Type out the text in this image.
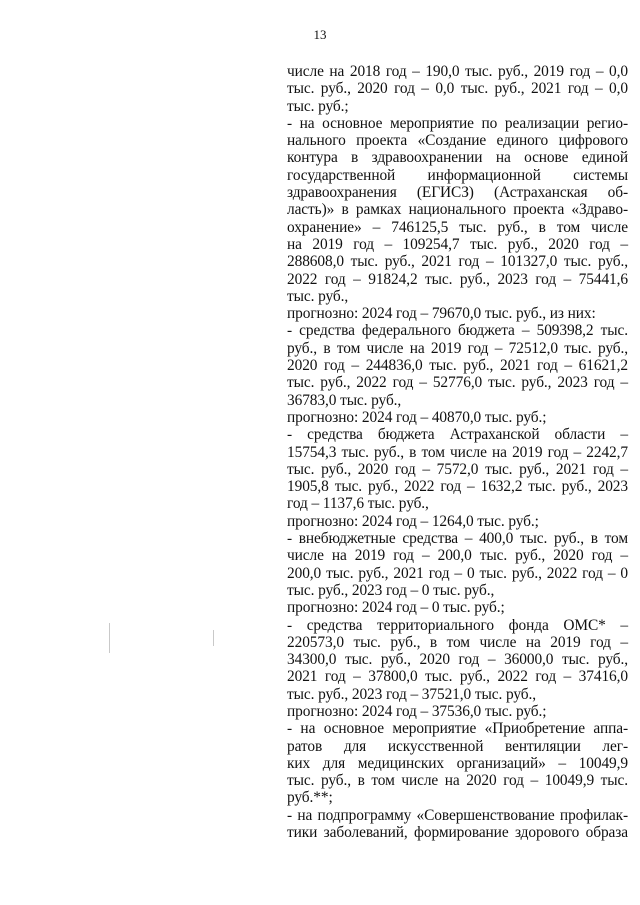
13
числе на 2018 год – 190,0 тыс. руб., 2019 год – 0,0
тыс. руб., 2020 год – 0,0 тыс. руб., 2021 год – 0,0
тыс. руб.;
- на основное мероприятие по реализации регио-
нального проекта «Создание единого цифрового
контура в здравоохранении на основе единой
государственной информационной системы
здравоохранения (ЕГИСЗ) (Астраханская об-
ласть)» в рамках национального проекта «Здраво-
охранение» – 746125,5 тыс. руб., в том числе
на 2019 год – 109254,7 тыс. руб., 2020 год –
288608,0 тыс. руб., 2021 год – 101327,0 тыс. руб.,
2022 год – 91824,2 тыс. руб., 2023 год – 75441,6
тыс. руб.,
прогнозно: 2024 год – 79670,0 тыс. руб., из них:
- средства федерального бюджета – 509398,2 тыс.
руб., в том числе на 2019 год – 72512,0 тыс. руб.,
2020 год – 244836,0 тыс. руб., 2021 год – 61621,2
тыс. руб., 2022 год – 52776,0 тыс. руб., 2023 год –
36783,0 тыс. руб.,
прогнозно: 2024 год – 40870,0 тыс. руб.;
- средства бюджета Астраханской области –
15754,3 тыс. руб., в том числе на 2019 год – 2242,7
тыс. руб., 2020 год – 7572,0 тыс. руб., 2021 год –
1905,8 тыс. руб., 2022 год – 1632,2 тыс. руб., 2023
год – 1137,6 тыс. руб.,
прогнозно: 2024 год – 1264,0 тыс. руб.;
- внебюджетные средства – 400,0 тыс. руб., в том
числе на 2019 год – 200,0 тыс. руб., 2020 год –
200,0 тыс. руб., 2021 год – 0 тыс. руб., 2022 год – 0
тыс. руб., 2023 год – 0 тыс. руб.,
прогнозно: 2024 год – 0 тыс. руб.;
- средства территориального фонда ОМС* –
220573,0 тыс. руб., в том числе на 2019 год –
34300,0 тыс. руб., 2020 год – 36000,0 тыс. руб.,
2021 год – 37800,0 тыс. руб., 2022 год – 37416,0
тыс. руб., 2023 год – 37521,0 тыс. руб.,
прогнозно: 2024 год – 37536,0 тыс. руб.;
- на основное мероприятие «Приобретение аппа-
ратов для искусственной вентиляции лег-
ких для медицинских организаций» – 10049,9
тыс. руб., в том числе на 2020 год – 10049,9 тыс.
руб.**;
- на подпрограмму «Совершенствование профилак-
тики заболеваний, формирование здорового образа
